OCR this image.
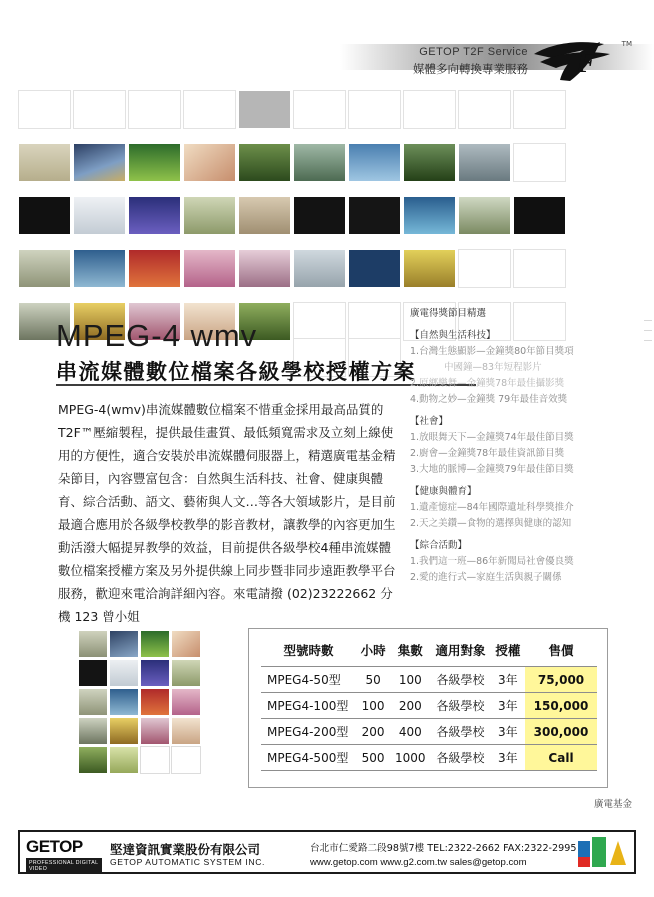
GETOP T2F Service
媒體多向轉換專業服務 F
TM
MPEG-4 wmv
串流媒體數位檔案各級學校授權方案
MPEG-4(wmv)串流媒體數位檔案不惜重金採用最高品質的 T2F™壓縮製程，提供最佳畫質、最低頻寬需求及立刻上線使用的方便性，適合安裝於串流媒體伺服器上，精選廣電基金精朵節目，內容豐富包含：自然與生活科技、社會、健康與體育、綜合活動、語文、藝術與人文…等各大領域影片，是目前最適合應用於各級學校教學的影音教材，讓教學的內容更加生動活潑大幅提昇教學的效益，目前提供各級學校4種串流媒體數位檔案授權方案及另外提供線上同步暨非同步遠距教學平台服務，歡迎來電洽詢詳細內容。來電請撥 (02)23222662 分機 123 曾小姐
廣電得獎節目精選
【自然與生活科技】
1.台灣生態顯影—金鐘獎80年節目獎項
中國鐘—83年短程影片
2.原鄉樂舞—金鐘獎78年最佳攝影獎
4.動物之妙—金鐘獎 79年最佳音效獎
【社會】
1.放眼舞天下—金鐘獎74年最佳節目獎
2.廚會—金鐘獎78年最佳資訊節目獎
3.大地的脈博—金鐘獎79年最佳節目獎
【健康與體育】
1.遺產憶症—84年國際遺址科學獎推介
2.天之美鑽—食物的選擇與健康的認知
【綜合活動】
1.我們這一班—86年新聞局社會優良獎
2.愛的進行式—家庭生活與親子關係
型號時數	小時	集數	適用對象	授權	售價
MPEG4-50型	50	100	各級學校	3年	75,000
MPEG4-100型	100	200	各級學校	3年	150,000
MPEG4-200型	200	400	各級學校	3年	300,000
MPEG4-500型	500	1000	各級學校	3年	Call
廣電基金
GETOP
PROFESSIONAL DIGITAL VIDEO
堅達資訊實業股份有限公司
GETOP AUTOMATIC SYSTEM INC.
台北市仁愛路二段98號7樓 TEL:2322-2662 FAX:2322-2995
www.getop.com www.g2.com.tw sales@getop.com
